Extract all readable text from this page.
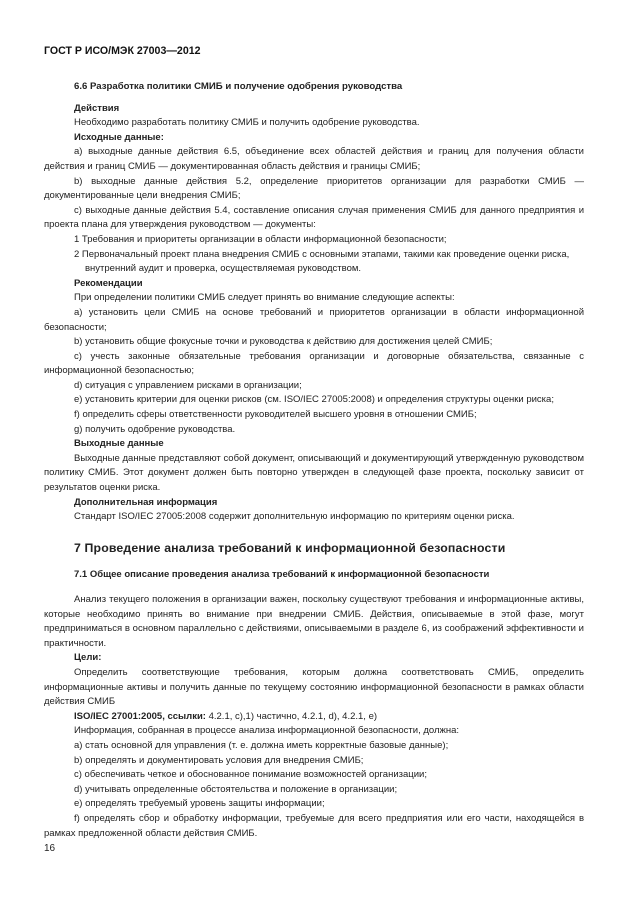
ГОСТ Р ИСО/МЭК 27003—2012
6.6 Разработка политики СМИБ и получение одобрения руководства
Действия
Необходимо разработать политику СМИБ и получить одобрение руководства.
Исходные данные:
а) выходные данные действия 6.5, объединение всех областей действия и границ для получения области действия и границ СМИБ — документированная область действия и границы СМИБ;
b) выходные данные действия 5.2, определение приоритетов организации для разработки СМИБ — документированные цели внедрения СМИБ;
с) выходные данные действия 5.4, составление описания случая применения СМИБ для данного предприятия и проекта плана для утверждения руководством — документы:
1 Требования и приоритеты организации в области информационной безопасности;
2 Первоначальный проект плана внедрения СМИБ с основными этапами, такими как проведение оценки риска, внутренний аудит и проверка, осуществляемая руководством.
Рекомендации
При определении политики СМИБ следует принять во внимание следующие аспекты:
а) установить цели СМИБ на основе требований и приоритетов организации в области информационной безопасности;
b) установить общие фокусные точки и руководства к действию для достижения целей СМИБ;
с) учесть законные обязательные требования организации и договорные обязательства, связанные с информационной безопасностью;
d) ситуация с управлением рисками в организации;
е) установить критерии для оценки рисков (см. ISO/IEC 27005:2008) и определения структуры оценки риска;
f) определить сферы ответственности руководителей высшего уровня в отношении СМИБ;
g) получить одобрение руководства.
Выходные данные
Выходные данные представляют собой документ, описывающий и документирующий утвержденную руководством политику СМИБ. Этот документ должен быть повторно утвержден в следующей фазе проекта, поскольку зависит от результатов оценки риска.
Дополнительная информация
Стандарт ISO/IEC 27005:2008 содержит дополнительную информацию по критериям оценки риска.
7 Проведение анализа требований к информационной безопасности
7.1 Общее описание проведения анализа требований к информационной безопасности
Анализ текущего положения в организации важен, поскольку существуют требования и информационные активы, которые необходимо принять во внимание при внедрении СМИБ. Действия, описываемые в этой фазе, могут предприниматься в основном параллельно с действиями, описываемыми в разделе 6, из соображений эффективности и практичности.
Цели:
Определить соответствующие требования, которым должна соответствовать СМИБ, определить информационные активы и получить данные по текущему состоянию информационной безопасности в рамках области действия СМИБ
ISO/IEC 27001:2005, ссылки: 4.2.1, с),1) частично, 4.2.1, d), 4.2.1, е)
Информация, собранная в процессе анализа информационной безопасности, должна:
а) стать основной для управления (т. е. должна иметь корректные базовые данные);
b) определять и документировать условия для внедрения СМИБ;
с) обеспечивать четкое и обоснованное понимание возможностей организации;
d) учитывать определенные обстоятельства и положение в организации;
е) определять требуемый уровень защиты информации;
f) определять сбор и обработку информации, требуемые для всего предприятия или его части, находящейся в рамках предложенной области действия СМИБ.
16
